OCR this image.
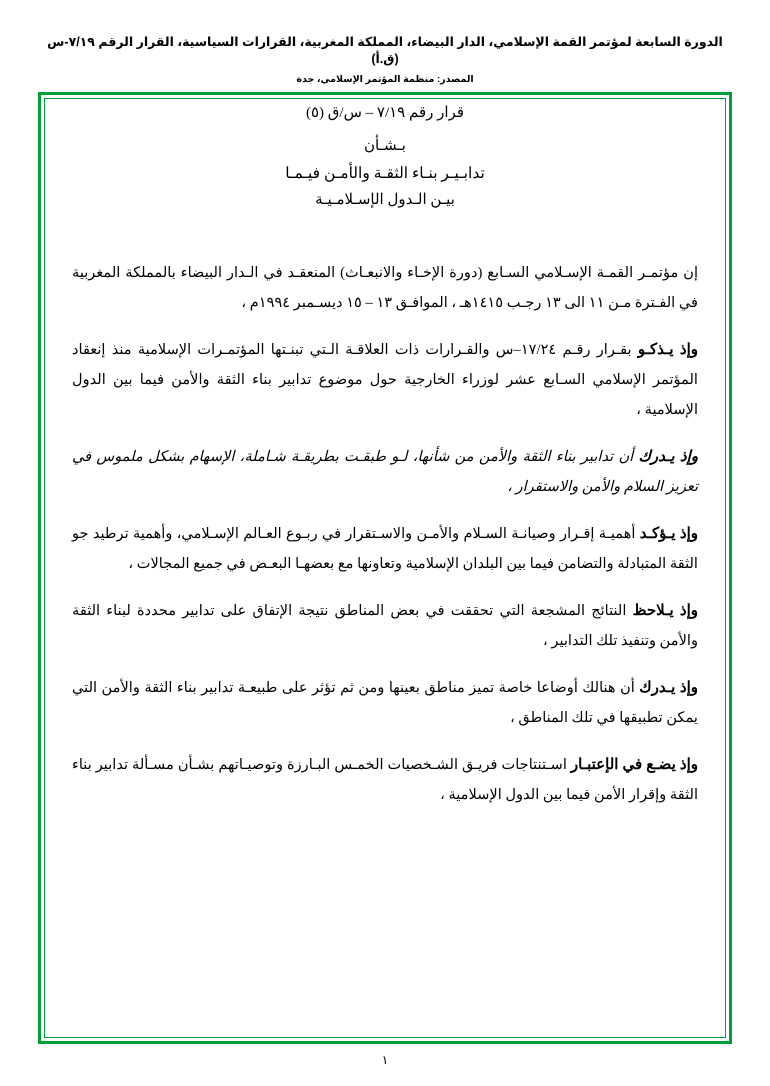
الدورة السابعة لمؤتمر القمة الإسلامي، الدار البيضاء، المملكة المغربية، القرارات السياسية، القرار الرقم ٧/١٩-س (ق.أ)
المصدر: منظمة المؤتمر الإسلامي، جدة
قرار رقم ٧/١٩ – س/ق (٥)
بـشـأن
تدابـيـر بنـاء الثقـة والأمـن فيـمـا
بيـن الـدول الإسـلامـيـة

إن مؤتمـر القمـة الإسـلامي السـابع (دورة الإخـاء والانبعـاث) المنعقـد في الـدار البيضاء بالمملكة المغربية في الفـترة مـن ١١ الى ١٣ رجـب ١٤١٥هـ ، الموافـق ١٣ – ١٥ ديسـمبر ١٩٩٤م ،

وإذ يـذكـو بقـرار رقـم ١٧/٢٤–س والقـرارات ذات العلاقـة الـتي تبنـتها المؤتمـرات الإسلامية منذ إنعقاد المؤتمر الإسلامي السـابع عشر لوزراء الخارجية حول موضوع تدابير بناء الثقة والأمن فيما بين الدول الإسلامية ،

وإذ يـدرك أن تدابير بناء الثقة والأمن من شأنها، لـو طبقـت بطريقـة شـاملة، الإسهام بشكل ملموس في تعزيز السلام والأمن والاستقرار ،

وإذ يـؤكـد أهميـة إقـرار وصيانـة السـلام والأمـن والاسـتقرار في ربـوع العـالم الإسـلامي، وأهمية ترطيد جو الثقة المتبادلة والتضامن فيما بين البلدان الإسلامية وتعاونها مع بعضهـا البعـض في جميع المجالات ،

وإذ يـلاحظ النتائج المشجعة التي تحققت في بعض المناطق نتيجة الإتفاق على تدابير محددة لبناء الثقة والأمن وتنفيذ تلك التدابير ،

وإذ يـدرك أن هنالك أوضاعا خاصة تميز مناطق بعينها ومن ثم تؤثر على طبيعـة تدابير بناء الثقة والأمن التي يمكن تطبيقها في تلك المناطق ،

وإذ يضـع في الإعتبـار اسـتنتاجات فريـق الشـخصيات الخمـس البـارزة وتوصيـاتهم بشـأن مسـألة تدابير بناء الثقة وإقرار الأمن فيما بين الدول الإسلامية ،

١
